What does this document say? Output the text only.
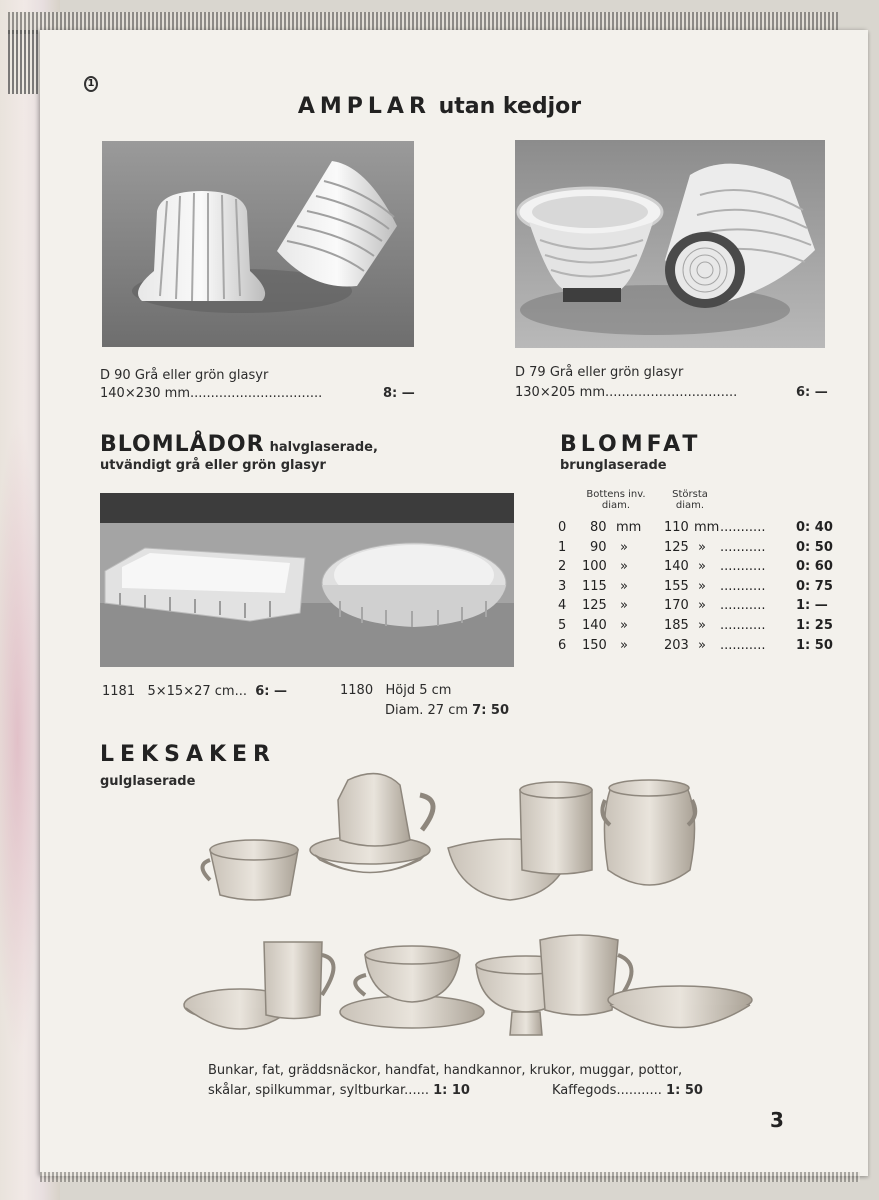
1
AMPLAR utan kedjor
D 90 Grå eller grön glasyr
140×230 mm................................	8: —
D 79 Grå eller grön glasyr
130×205 mm................................	6: —
BLOMLÅDOR halvglaserade,
utvändigt grå eller grön glasyr
BLOMFAT
brunglaserade
1181 5×15×27 cm... 6: —	1180 Höjd 5 cm
Diam. 27 cm 7: 50
Bottens inv.
diam.
Största
diam.
0 80 mm 110 mm ........... 0: 40
1 90 »	125 » ........... 0: 50
2 100 »	140 » ........... 0: 60
3 115 »	155 » ........... 0: 75
4 125 »	170 » ........... 1: —
5 140 »	185 » ........... 1: 25
6 150 »	203 » ........... 1: 50
LEKSAKER
gulglaserade
Bunkar, fat, gräddsnäckor, handfat, handkannor, krukor, muggar, pottor,
skålar, spilkummar, syltburkar...... 1: 10	Kaffegods........... 1: 50
3
